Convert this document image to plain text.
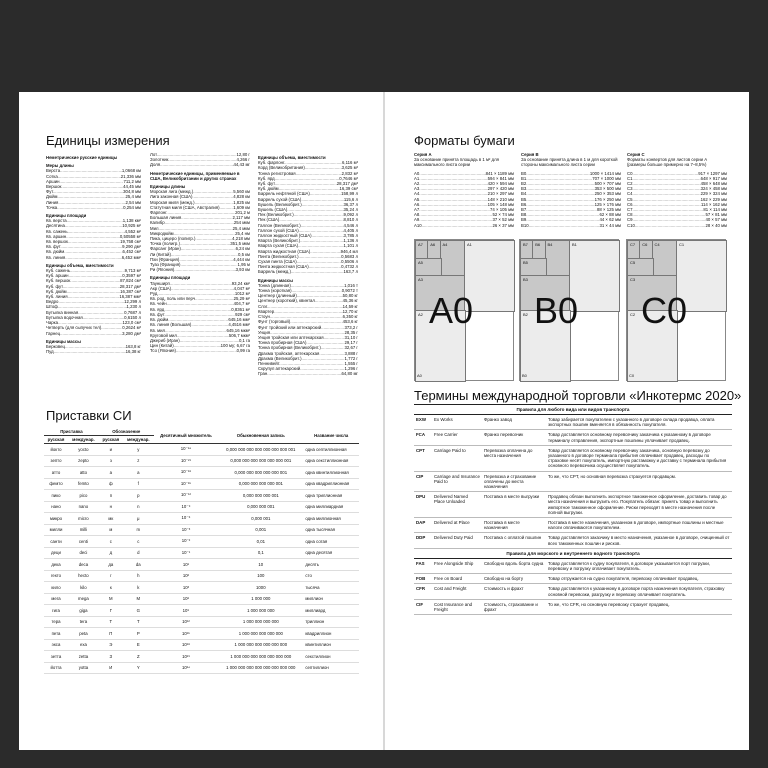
Единицы измерения
Неметрические русские единицы
Меры длины
Верста .....	1,0668 км
Сотка .....	21,336 мм
Аршин .....	711,2 мм
Вершок .....	44,45 мм
Фут .....	304,8 мм
Дюйм .....	25,4 мм
Линия .....	2,54 мм
Точка .....	0,254 мм
Единицы площади
Кв. верста .....	1,138 км²
Десятина .....	10,925 м²
Кв. сажень .....	4,552 м²
Кв. аршин .....	0,50558 м²
Кв. вершок .....	19,758 см²
Кв. фут .....	9,290 дм²
Кв. дюйм .....	6,452 см²
Кв. линия .....	6,452 мм²
Единицы объема, вместимости
Куб. сажень .....	9,713 м³
Куб. аршин .....	0,3597 м³
Куб. вершок .....	87,824 см³
Куб. фут .....	28,317 дм³
Куб. дюйм .....	16,387 см³
Куб. линия .....	16,387 мм³
Ведро .....	12,299 л
Штоф .....	1,230 л
Бутылка винная .....	0,7687 л
Бутылка водочная .....	0,6150 л
Чарка .....	123,0 см³
Четверть (для сыпучих тел) .....	0,2624 м³
Гарнец .....	3,280 дм³
Единицы массы
Берковец .....	163,8 кг
Пуд .....	16,38 кг
Лот .....	12,80 г
Золотник .....	4,266 г
Доля .....	44,43 мг
Неметрические единицы, применяемые в США, Великобритании и других странах
Единицы длины
Морская лига (межд.) .....	5,560 км
Лига законная (США) .....	4,828 км
Морская миля (межд.) .....	1,825 км
Статутная миля (США, Австралия) .....	1,609 км
Фарлонг .....	201,2 м
Большая линия .....	2,117 мм
Калибр .....	254 мкм
Мил .....	25,4 мкм
Микродюйм .....	25,4 нм
Пика, цицеро (полигр.) .....	4,218 мм
Точка (полигр.) .....	351,5 мкм
Фарсанг (Иран) .....	6,24 км
Ли (Китай) .....	0,5 км
Пхи (Франция) .....	4,444 км
Туаз (Франция) .....	1,95 м
Ри (Япония) .....	3,93 км
Единицы площади
Таунширп .....	93,24 км²
Акр (США) .....	4,047 м²
Руд .....	1012 м²
Кв. род, поль или перч .....	25,29 м²
Кв. чейн .....	404,7 м²
Кв. ярд .....	0,8361 м²
Кв. фут .....	929 см²
Кв. дюйм .....	645,16 мм²
Кв. линия (Вольшая) .....	4,4516 мм²
Кв. мил .....	645,16 мкм²
Круговой мил .....	506,7 мкм²
Джериб (Иран) .....	0,1 га
Цин (Китай) .....	100 му; 6,67 га
Тсо (Япония) .....	0,99 га
Единицы объема, вместимости
Куб. фарлонг .....	6,116 м³
Корд (Великобритания) .....	3,625 м³
Тонна регистровая .....	2,832 м³
Куб. ярд .....	0,7646 м³
Куб. фут .....	28,317 дм³
Куб. дюйм .....	16,39 см³
Баррель нефтяной (США) .....	158,99 л
Баррель сухой (США) .....	115,6 л
Бушель (Великобрит.) .....	36,37 л
Бушель (США) .....	35,24 л
Пек (Великобрит.) .....	9,092 л
Пек (США) .....	8,810 л
Галлон (Великобрит.) .....	4,546 л
Галлон сухой (США) .....	4,405 л
Галлон жидкостный (США) .....	3,785 л
Кварта (Великобрит.) .....	1,136 л
Кварта сухая (США) .....	1,101 л
Кварта жидкостная (США) .....	946,4 мл
Пинта (Великобрит.) .....	0,5683 л
Сухая пинта (США) .....	0,5506 л
Пинта жидкостная (США) .....	0,4732 л
Баррель (межд.) .....	163,7 л
Единицы массы
Тонна (длинная) .....	1,016 т
Тонна (короткая) .....	0,9072 т
Центнер (длинный) .....	50,80 кг
Центнер (короткий), квинтал .....	45,36 кг
Слэг .....	14,59 кг
Квартер .....	12,70 кг
Стоун .....	6,350 кг
Фунт (торговый) .....	453,6 кг
Фунт тройский или аптекарский .....	373,2 г
Унция .....	28,35 г
Унция тройская или аптекарская .....	31,10 г
Тонна пробирная (США) .....	29,17 г
Тонна пробирная (Великобрит.) .....	32,67 г
Драхма тройская, аптекарская .....	3,888 г
Драхма (Великобрит.) .....	1,772 г
Пеннивейт .....	1,555 г
Скрупул аптекарский .....	1,296 г
Гран .....	64,80 мг
Приставки СИ
Приставка		Обозначение		Десятичный множитель	Обыкновенная запись	Название числа
русская	междунар.	русская	междунар.			
йокто	yocto	и	y	10⁻²⁴	0,000 000 000 000 000 000 000 001	одна септиллионная
зепто	zepto	з	z	10⁻²¹	0,000 000 000 000 000 000 001	одна секстиллионная
атто	atto	а	a	10⁻¹⁸	0,000 000 000 000 000 001	одна квинтиллионная
фемто	femto	ф	f	10⁻¹⁵	0,000 000 000 000 001	одна квадриллионная
пико	pico	п	p	10⁻¹²	0,000 000 000 001	одна триллионная
нано	nano	н	n	10⁻⁹	0,000 000 001	одна миллиардная
микро	micro	мк	μ	10⁻⁶	0,000 001	одна миллионная
милли	milli	м	m	10⁻³	0,001	одна тысячная
санти	centi	с	c	10⁻²	0,01	одна сотая
деци	deci	д	d	10⁻¹	0,1	одна десятая
дека	deca	да	da	10¹	10	десять
гекто	hecto	г	h	10²	100	сто
кило	kilo	к	k	10³	1000	тысяча
мега	mega	М	M	10⁶	1 000 000	миллион
гига	giga	Г	G	10⁹	1 000 000 000	миллиард
тера	tera	Т	T	10¹²	1 000 000 000 000	триллион
пета	peta	П	P	10¹⁵	1 000 000 000 000 000	квадриллион
экса	exa	Э	E	10¹⁸	1 000 000 000 000 000 000	квинтиллион
зетта	zetta	З	Z	10²¹	1 000 000 000 000 000 000 000	секстиллион
йотта	yotta	И	Y	10²⁴	1 000 000 000 000 000 000 000 000	септиллион
Форматы бумаги
Серия А
За основание принята площадь в 1 м² для максимального листа серии
A0 .....	841 × 1189 мм
A1 .....	594 × 841 мм
A2 .....	420 × 594 мм
A3 .....	297 × 420 мм
A4 .....	210 × 297 мм
A5 .....	148 × 210 мм
A6 .....	105 × 148 мм
A7 .....	74 × 105 мм
A8 .....	52 × 74 мм
A9 .....	37 × 52 мм
A10 .....	26 × 37 мм
Серия В
За основание принята длина в 1 м для короткой стороны максимального листа серии
B0 .....	1000 × 1414 мм
B1 .....	707 × 1000 мм
B2 .....	500 × 707 мм
B3 .....	353 × 500 мм
B4 .....	250 × 353 мм
B5 .....	176 × 250 мм
B6 .....	125 × 176 мм
B7 .....	88 × 125 мм
B8 .....	62 × 88 мм
B9 .....	44 × 62 мм
B10 .....	31 × 44 мм
Серия С
Форматы конвертов для листов серии А (размеры больше примерно на 7–8,5%)
C0 .....	917 × 1297 мм
C1 .....	648 × 917 мм
C2 .....	458 × 648 мм
C3 .....	324 × 458 мм
C4 .....	229 × 324 мм
C5 .....	162 × 229 мм
C6 .....	114 × 162 мм
C7 .....	81 × 114 мм
C8 .....	57 × 81 мм
C9 .....	40 × 57 мм
C10 .....	28 × 40 мм
A7 A6 A4
A5
A3
A1
A2
A0
A0
B7 B6 B4
B5
B3
B1
B2
B0
B0
C7 C6 C4
C5
C3
C1
C2
C0
C0
Термины международной торговли «Инкотермс 2020»
Правила для любого вида или видов транспорта			
EXW	Ex Works	Франко завод	Товар забирается покупателем с указанного в договоре склада продавца, оплата экспортных пошлин вменяется в обязанность покупателя.
FCA	Free Carrier	Франко перевозчик	Товар доставляется основному перевозчику заказчика к указанному в договоре терминалу отправления, экспортные пошлины уплачивает продавец.
CPT	Carriage Paid to	Перевозка оплачена до места назначения	Товар доставляется основному перевозчику заказчика, основную перевозку до указанного в договоре терминала прибытия оплачивает продавец, расходы по страховке несёт покупатель, импортную растаможку и доставку с терминала прибытия основного перевозчика осуществляет покупатель.
CIP	Carriage and Insurance Paid to	Перевозка и страхование оплачены до места назначения	То же, что CPT, но основная перевозка страхуется продавцом.
DPU	Delivered Named Place Unloaded	Поставка в месте выгрузки	Продавец обязан выполнить экспортное таможенное оформление, доставить товар до места назначения и выгрузить его. Покупатель обязан: принять товар и выполнить импортное таможенное оформление. Риски переходят в месте назначения после полной выгрузки.
DAP	Delivered at Place	Поставка в месте назначения	Поставка в месте назначения, указанном в договоре, импортные пошлины и местные налоги оплачиваются покупателем.
DDP	Delivered Duty Paid	Поставка с оплатой пошлин	Товар доставляется заказчику в место назначения, указанное в договоре, очищенный от всех таможенных пошлин и рисков.
Правила для морского и внутреннего водного транспорта			
FAS	Free Alongside Ship	Свободно вдоль борта судна	Товар доставляется к судну покупателя, в договоре указывается порт погрузки, перевозку и погрузку оплачивает покупатель.
FOB	Free on Board	Свободно на борту	Товар отгружается на судно покупателя, перевозку оплачивает продавец.
CFR	Cost and Freight	Стоимость и фрахт	Товар доставляется к указанному в договоре порта назначения покупателя, страховку основной перевозки, разгрузку и перевозку оплачивает покупатель.
CIF	Cost Insurance and Freight	Стоимость, страхование и фрахт	То же, что CFR, но основную перевозку страхует продавец.
